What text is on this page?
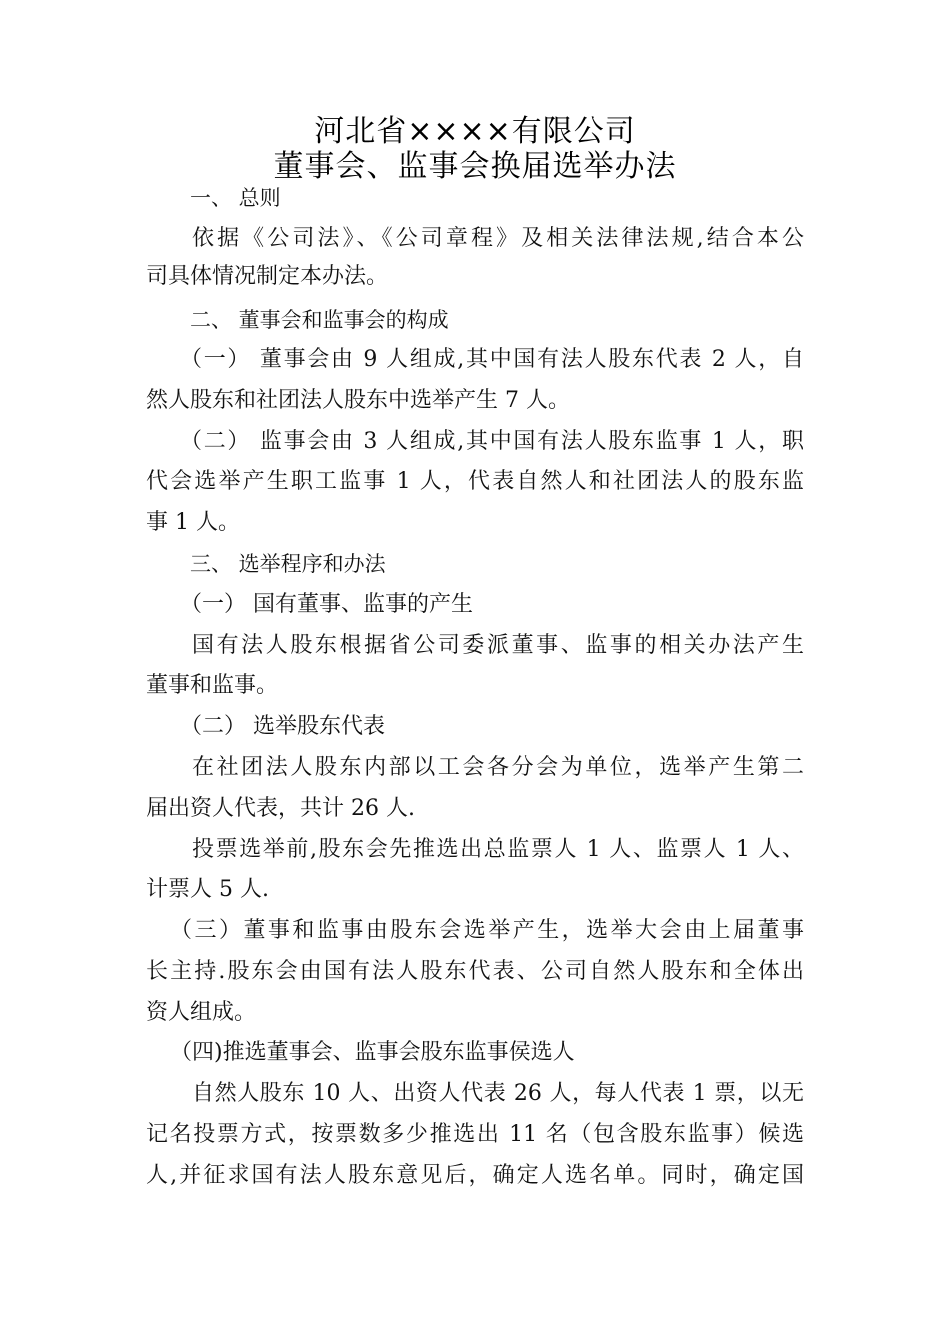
河北省××××有限公司
董事会、监事会换届选举办法
一、 总则
依据《公司法》、《公司章程》及相关法律法规,结合本公
司具体情况制定本办法。
二、 董事会和监事会的构成
（一） 董事会由 9 人组成,其中国有法人股东代表 2 人，自
然人股东和社团法人股东中选举产生 7 人。
（二） 监事会由 3 人组成,其中国有法人股东监事 1 人，职
代会选举产生职工监事 1 人，代表自然人和社团法人的股东监
事 1 人。
三、 选举程序和办法
（一） 国有董事、监事的产生
国有法人股东根据省公司委派董事、监事的相关办法产生
董事和监事。
（二） 选举股东代表
在社团法人股东内部以工会各分会为单位，选举产生第二
届出资人代表，共计 26 人.
投票选举前,股东会先推选出总监票人 1 人、监票人 1 人、
计票人 5 人.
（三）董事和监事由股东会选举产生，选举大会由上届董事
长主持.股东会由国有法人股东代表、公司自然人股东和全体出
资人组成。
（四)推选董事会、监事会股东监事侯选人
自然人股东 10 人、出资人代表 26 人，每人代表 1 票，以无
记名投票方式，按票数多少推选出 11 名（包含股东监事）候选
人,并征求国有法人股东意见后，确定人选名单。同时，确定国
